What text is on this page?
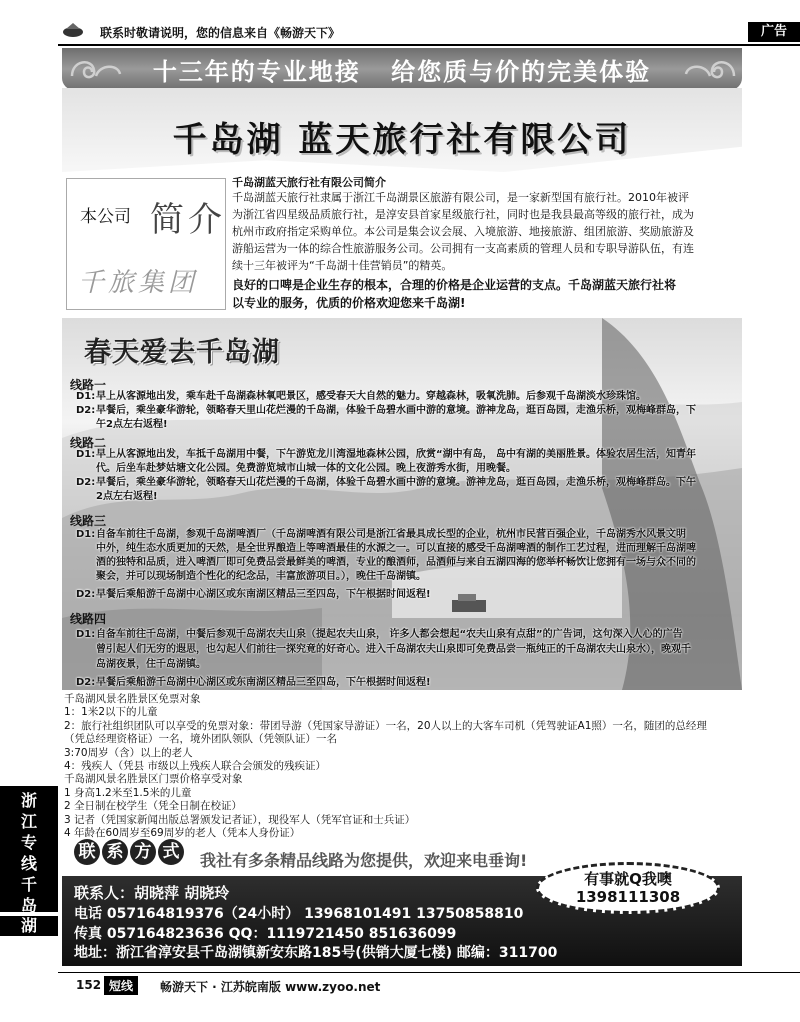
联系时敬请说明，您的信息来自《畅游天下》	广告
十三年的专业地接 给您质与价的完美体验
千岛湖 蓝天旅行社有限公司
本公司 简介
千旅集团
千岛湖蓝天旅行社有限公司简介
千岛湖蓝天旅行社隶属于浙江千岛湖景区旅游有限公司，是一家新型国有旅行社。2010年被评
为浙江省四星级品质旅行社，是淳安县首家星级旅行社，同时也是我县最高等级的旅行社，成为
杭州市政府指定采购单位。本公司是集会议会展、入境旅游、地接旅游、组团旅游、奖励旅游及
游船运营为一体的综合性旅游服务公司。公司拥有一支高素质的管理人员和专职导游队伍，有连
续十三年被评为“千岛湖十佳营销员”的精英。
良好的口啤是企业生存的根本，合理的价格是企业运营的支点。千岛湖蓝天旅行社将
以专业的服务，优质的价格欢迎您来千岛湖!
春天爱去千岛湖
线路一
D1:早上从客源地出发，乘车赴千岛湖森林氧吧景区，感受春天大自然的魅力。穿越森林，吸氧洗肺。后参观千岛湖淡水珍珠馆。
D2:早餐后，乘坐豪华游轮，领略春天里山花烂漫的千岛湖，体验千岛碧水画中游的意境。游神龙岛，逛百岛园，走渔乐桥，观梅峰群岛，下
午2点左右返程!
线路二
D1:早上从客源地出发，车抵千岛湖用中餐，下午游览龙川湾湿地森林公园，欣赏“湖中有岛， 岛中有湖的美丽胜景。体验农居生活，知青年
代。后坐车赴梦姑塘文化公园。免费游览城市山城一体的文化公园。晚上夜游秀水街，用晚餐。
D2:早餐后，乘坐豪华游轮，领略春天山花烂漫的千岛湖，体验千岛碧水画中游的意境。游神龙岛，逛百岛园，走渔乐桥，观梅峰群岛。下午
2点左右返程!
线路三
D1:自备车前往千岛湖，参观千岛湖啤酒厂（千岛湖啤酒有限公司是浙江省最具成长型的企业，杭州市民营百强企业，千岛湖秀水风景文明
中外，纯生态水质更加的天然，是全世界酿造上等啤酒最佳的水源之一。可以直接的感受千岛湖啤酒的制作工艺过程，进而理解千岛湖啤
酒的独特和品质，进入啤酒厂即可免费品尝最鲜美的啤酒，专业的酿酒师，品酒师与来自五湖四海的您举杯畅饮让您拥有一场与众不同的
聚会，并可以现场制造个性化的纪念品，丰富旅游项目。），晚住千岛湖镇。
D2:早餐后乘船游千岛湖中心湖区或东南湖区精品三至四岛，下午根据时间返程!
线路四
D1:自备车前往千岛湖，中餐后参观千岛湖农夫山泉（提起农夫山泉， 许多人都会想起“农夫山泉有点甜”的广告词，这句深入人心的广告
曾引起人们无穷的遐思，也勾起人们前往一探究竟的好奇心。进入千岛湖农夫山泉即可免费品尝一瓶纯正的千岛湖农夫山泉水），晚观千
岛湖夜景，住千岛湖镇。
D2:早餐后乘船游千岛湖中心湖区或东南湖区精品三至四岛，下午根据时间返程!
千岛湖风景名胜景区免票对象
1：1米2以下的儿童
2：旅行社组织团队可以享受的免票对象：带团导游（凭国家导游证）一名，20人以上的大客车司机（凭驾驶证A1照）一名，随团的总经理
（凭总经理资格证）一名，境外团队领队（凭领队证）一名
3:70周岁（含）以上的老人
4：残疾人（凭县 市级以上残疾人联合会颁发的残疾证）
千岛湖风景名胜景区门票价格享受对象
1 身高1.2米至1.5米的儿童
2 全日制在校学生（凭全日制在校证）
3 记者（凭国家新闻出版总署颁发记者证），现役军人（凭军官证和士兵证）
4 年龄在60周岁至69周岁的老人（凭本人身份证）
联 系 方 式	我社有多条精品线路为您提供，欢迎来电垂询!
联系人：胡晓萍 胡晓玲
电话 057164819376（24小时） 13968101491 13750858810
传真 057164823636 QQ：1119721450 851636099
地址：浙江省淳安县千岛湖镇新安东路185号(供销大厦七楼) 邮编：311700
有事就Q我噢
1398111308
浙
江
专
线
千
岛
湖
152 短线	畅游天下 · 江苏皖南版 www.zyoo.net
